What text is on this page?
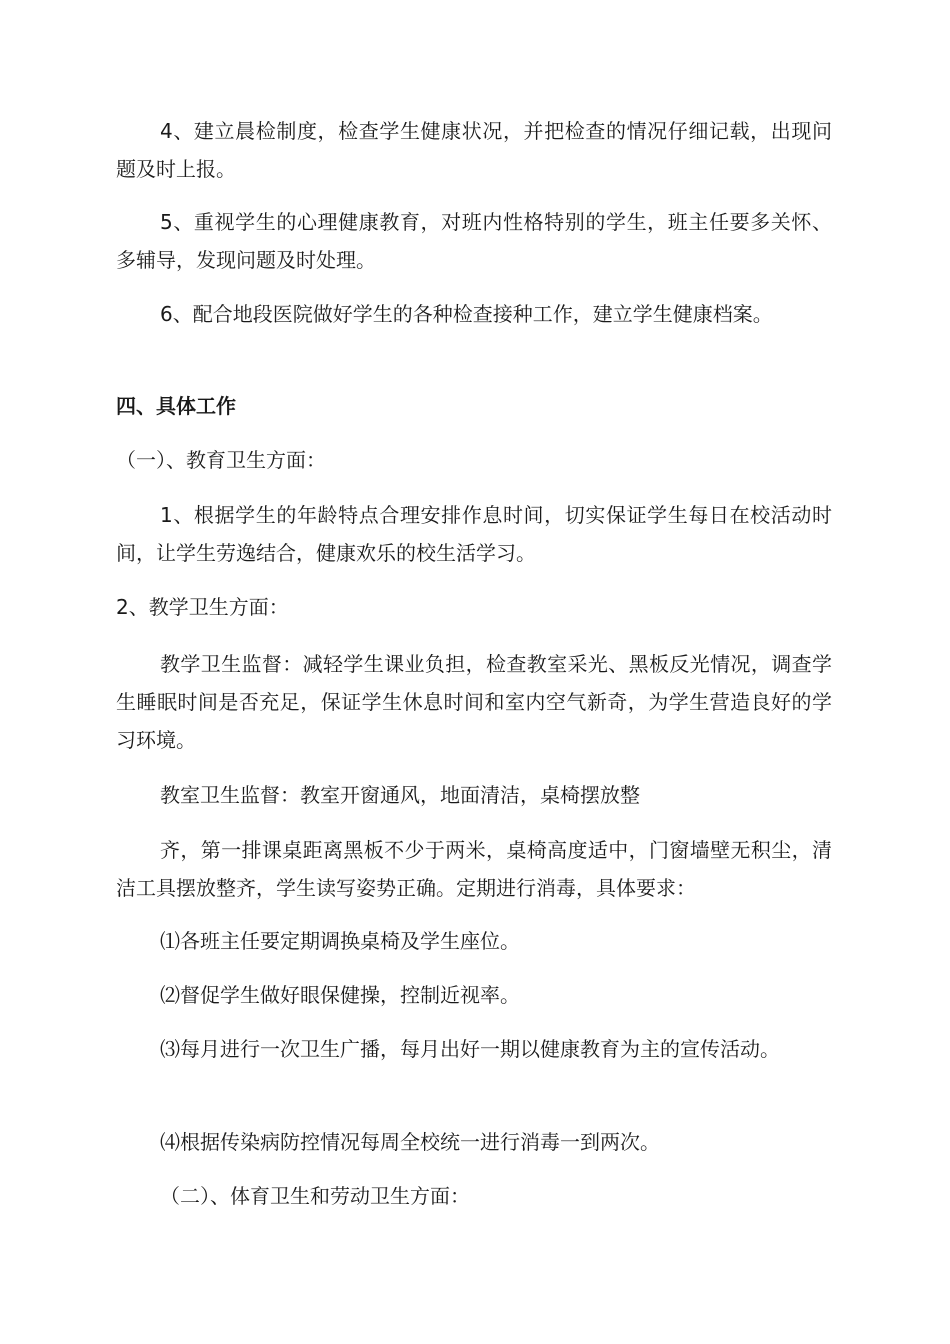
4、建立晨检制度，检查学生健康状况，并把检查的情况仔细记载，出现问题及时上报。

5、重视学生的心理健康教育，对班内性格特别的学生，班主任要多关怀、多辅导，发现问题及时处理。

6、配合地段医院做好学生的各种检查接种工作，建立学生健康档案。

四、具体工作

（一）、教育卫生方面：

1、根据学生的年龄特点合理安排作息时间，切实保证学生每日在校活动时间，让学生劳逸结合，健康欢乐的校生活学习。

2、教学卫生方面：

教学卫生监督：减轻学生课业负担，检查教室采光、黑板反光情况，调查学生睡眠时间是否充足，保证学生休息时间和室内空气新奇，为学生营造良好的学习环境。

教室卫生监督：教室开窗通风，地面清洁，桌椅摆放整

齐，第一排课桌距离黑板不少于两米，桌椅高度适中，门窗墙壁无积尘，清洁工具摆放整齐，学生读写姿势正确。定期进行消毒，具体要求：

⑴各班主任要定期调换桌椅及学生座位。

⑵督促学生做好眼保健操，控制近视率。

⑶每月进行一次卫生广播，每月出好一期以健康教育为主的宣传活动。

⑷根据传染病防控情况每周全校统一进行消毒一到两次。

（二）、体育卫生和劳动卫生方面：
